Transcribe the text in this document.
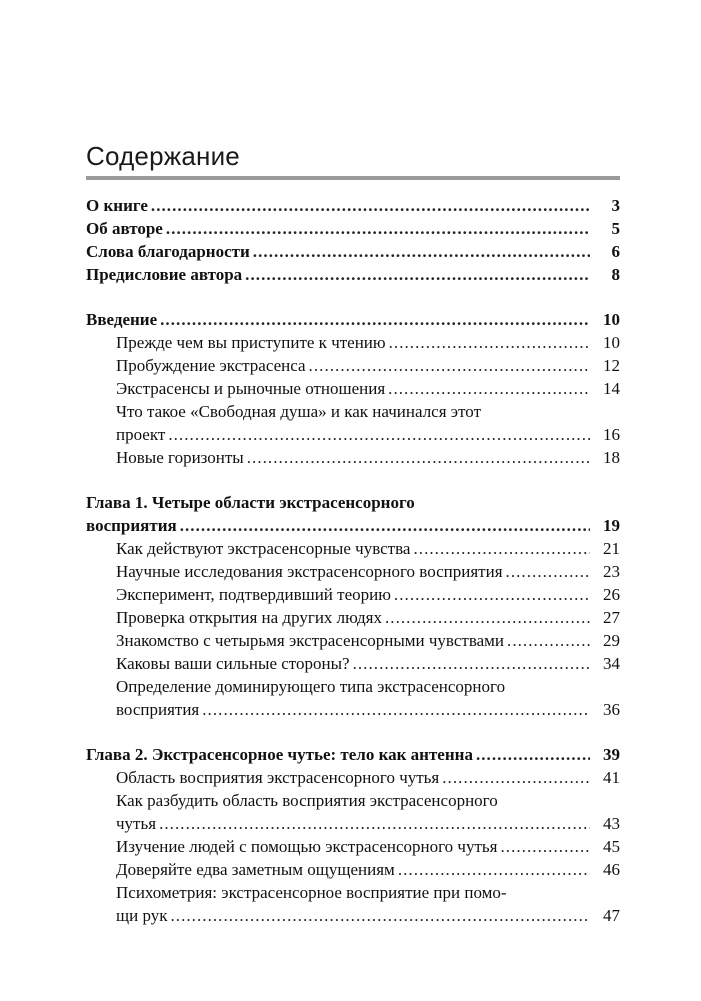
Содержание
О книге . . .	3
Об авторе . . .	5
Слова благодарности . . .	6
Предисловие автора . . .	8
Введение . . .	10
Прежде чем вы приступите к чтению . . .	10
Пробуждение экстрасенса . . .	12
Экстрасенсы и рыночные отношения . . .	14
Что такое «Свободная душа» и как начинался этот
проект . . .	16
Новые горизонты . . .	18
Глава 1. Четыре области экстрасенсорного
восприятия . . .	19
Как действуют экстрасенсорные чувства . . .	21
Научные исследования экстрасенсорного восприятия . . .	23
Эксперимент, подтвердивший теорию . . .	26
Проверка открытия на других людях . . .	27
Знакомство с четырьмя экстрасенсорными чувствами . . .	29
Каковы ваши сильные стороны? . . .	34
Определение доминирующего типа экстрасенсорного
восприятия . . .	36
Глава 2. Экстрасенсорное чутье: тело как антенна . . .	39
Область восприятия экстрасенсорного чутья . . .	41
Как разбудить область восприятия экстрасенсорного
чутья . . .	43
Изучение людей с помощью экстрасенсорного чутья . . .	45
Доверяйте едва заметным ощущениям . . .	46
Психометрия: экстрасенсорное восприятие при помо-
щи рук . . .	47
